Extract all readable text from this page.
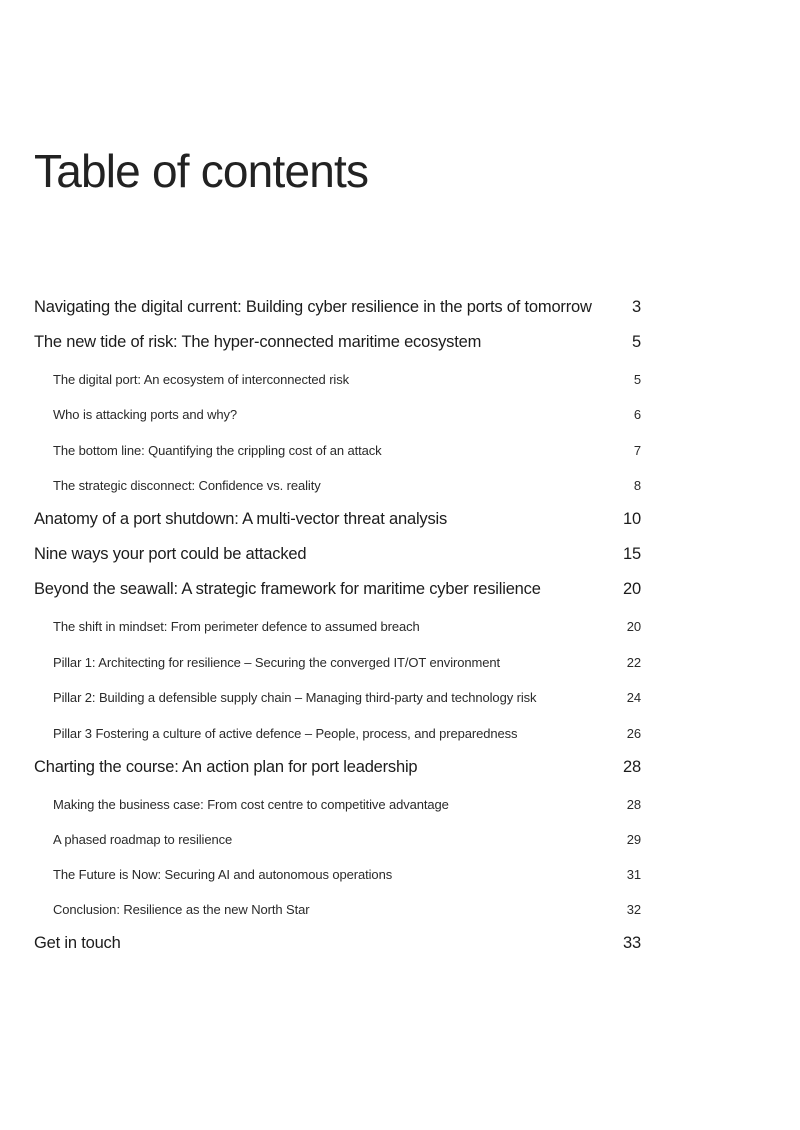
Table of contents
Navigating the digital current: Building cyber resilience in the ports of tomorrow 3
The new tide of risk: The hyper-connected maritime ecosystem	5
The digital port: An ecosystem of interconnected risk	5
Who is attacking ports and why?	6
The bottom line: Quantifying the crippling cost of an attack	7
The strategic disconnect: Confidence vs. reality	8
Anatomy of a port shutdown: A multi-vector threat analysis	10
Nine ways your port could be attacked	15
Beyond the seawall: A strategic framework for maritime cyber resilience	20
The shift in mindset: From perimeter defence to assumed breach	20
Pillar 1: Architecting for resilience – Securing the converged IT/OT environment	22
Pillar 2: Building a defensible supply chain – Managing third-party and technology risk	24
Pillar 3 Fostering a culture of active defence – People, process, and preparedness	26
Charting the course: An action plan for port leadership	28
Making the business case: From cost centre to competitive advantage	28
A phased roadmap to resilience	29
The Future is Now: Securing AI and autonomous operations	31
Conclusion: Resilience as the new North Star	32
Get in touch	33
